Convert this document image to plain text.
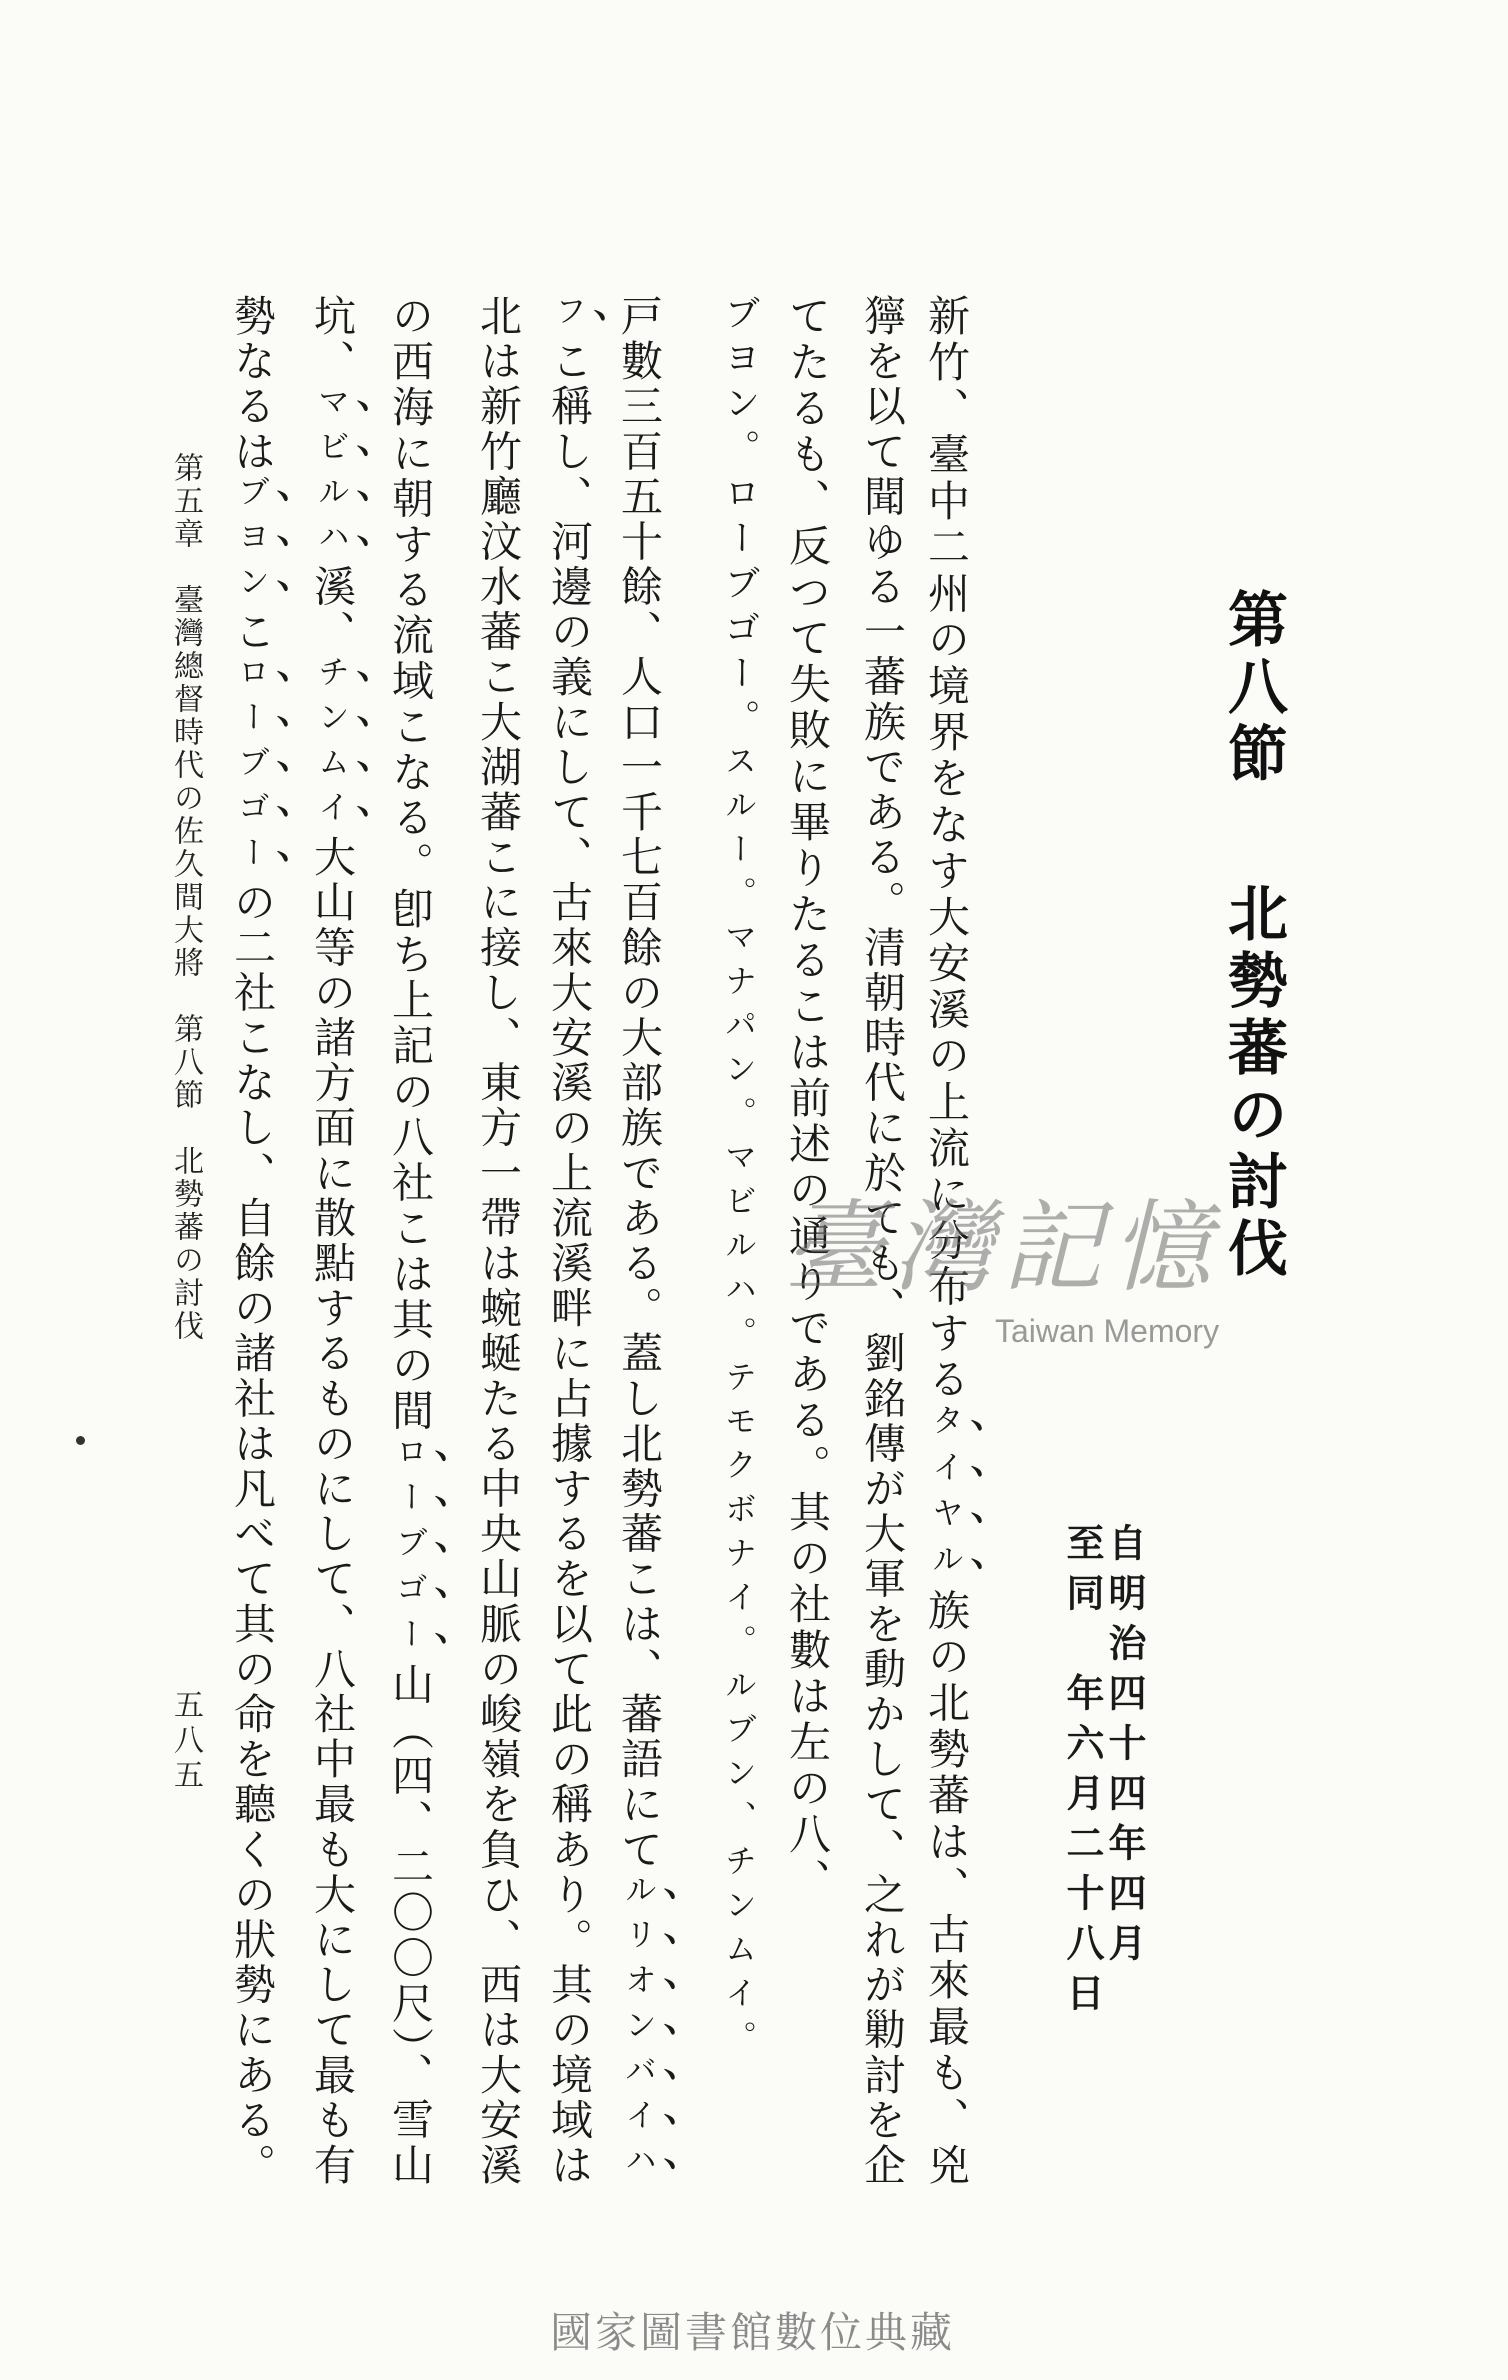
第八節
北勢蕃の討伐
自明治四十四年四月
至同　年六月二十八日
新竹、臺中二州の境界をなす大安溪の上流に分布するタイヤル族の北勢蕃は、古來最も、兇
獰を以て聞ゆる一蕃族である。清朝時代に於ても、劉銘傳が大軍を動かして、之れが勦討を企
てたるも、反つて失敗に畢りたるこは前述の通りである。其の社數は左の八、
ブヨン。ローブゴー。スルー。マナパン。マビルハ。テモクボナイ。ルブン、チンムイ。
戸數三百五十餘、人口一千七百餘の大部族である。蓋し北勢蕃こは、蕃語にてルリオンバイハ
フこ稱し、河邊の義にして、古來大安溪の上流溪畔に占據するを以て此の稱あり。其の境域は
北は新竹廳汶水蕃こ大湖蕃こに接し、東方一帶は蜿蜒たる中央山脈の峻嶺を負ひ、西は大安溪
の西海に朝する流域こなる。卽ち上記の八社こは其の間ローブゴー山（四、二〇〇尺）、雪山
坑、マビルハ溪、チンムイ大山等の諸方面に散點するものにして、八社中最も大にして最も有
勢なるはブヨンこローブゴーの二社こなし、自餘の諸社は凡べて其の命を聽くの狀勢にある。
第五章　臺灣總督時代の佐久間大將　第八節　北勢蕃の討伐
五八五
臺灣記憶
Taiwan Memory
國家圖書館數位典藏
